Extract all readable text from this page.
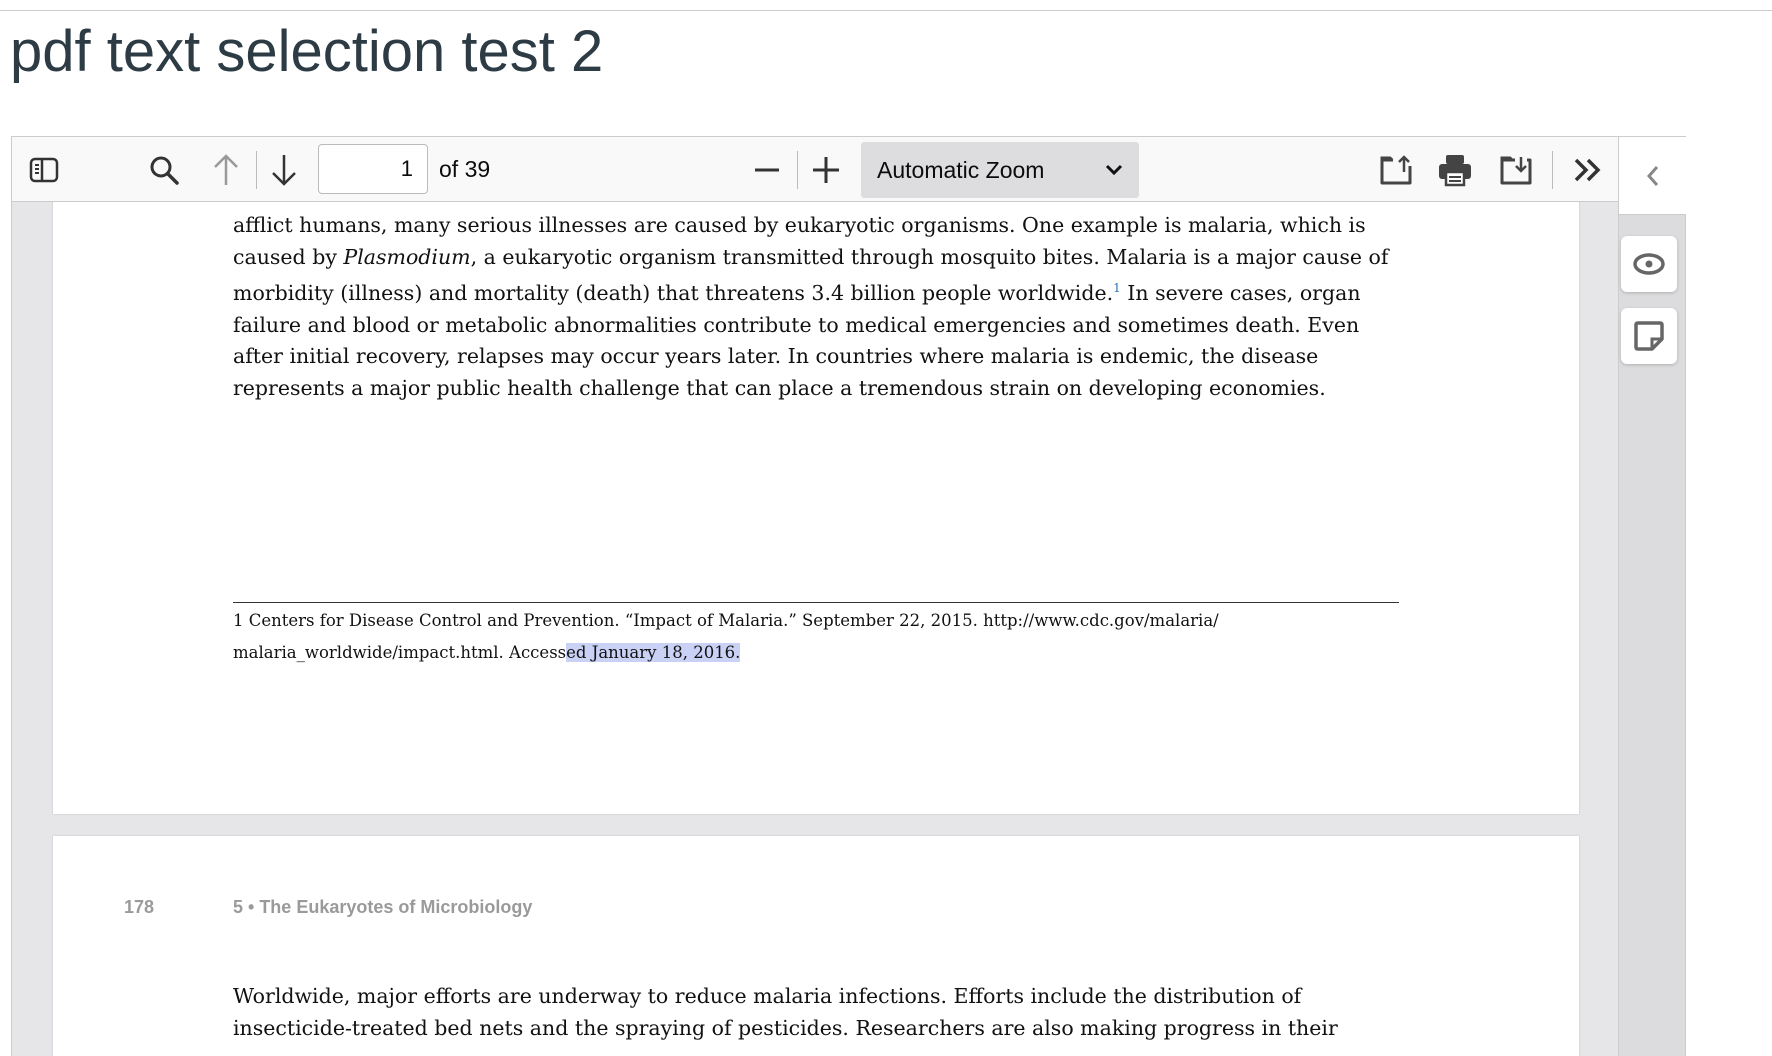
pdf text selection test 2
1
of 39	Automatic Zoom
afflict humans, many serious illnesses are caused by eukaryotic organisms. One example is malaria, which is
caused by Plasmodium, a eukaryotic organism transmitted through mosquito bites. Malaria is a major cause of
morbidity (illness) and mortality (death) that threatens 3.4 billion people worldwide.$^1$ In severe cases, organ
failure and blood or metabolic abnormalities contribute to medical emergencies and sometimes death. Even
after initial recovery, relapses may occur years later. In countries where malaria is endemic, the disease
represents a major public health challenge that can place a tremendous strain on developing economies.
1 Centers for Disease Control and Prevention. “Impact of Malaria.” September 22, 2015. http://www.cdc.gov/malaria/
malaria_worldwide/impact.html. Accessed January 18, 2016.
178	5 • The Eukaryotes of Microbiology
Worldwide, major efforts are underway to reduce malaria infections. Efforts include the distribution of
insecticide-treated bed nets and the spraying of pesticides. Researchers are also making progress in their
